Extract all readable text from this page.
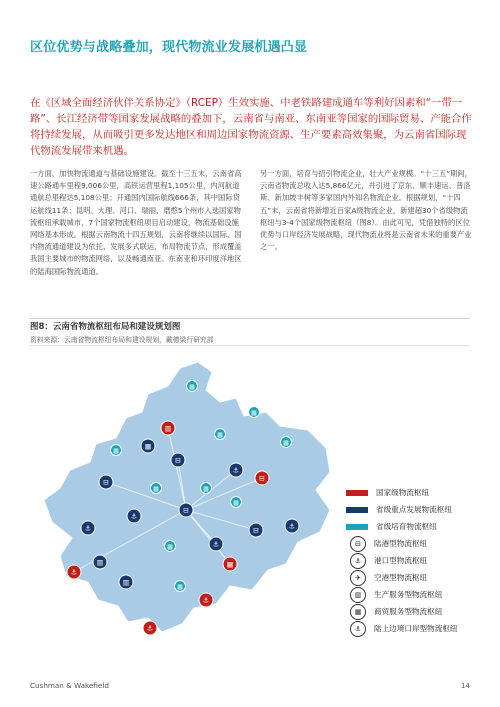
区位优势与战略叠加，现代物流业发展机遇凸显
在《区域全面经济伙伴关系协定》（RCEP）生效实施、中老铁路建成通车等利好因素和“一带一路”、长江经济带等国家发展战略的叠加下，云南省与南亚、东南亚等国家的国际贸易、产能合作将持续发展，从而吸引更多发达地区和周边国家物流资源、生产要素高效集聚，为云南省国际现代物流发展带来机遇。
一方面，加快物流通道与基础设施建设。截至十三五末，云南省高速公路通车里程9,006公里，高铁运营里程1,105公里，内河航道通航总里程达5,108公里；开通国内国际航线666条，其中国际货运航线11条；昆明、大理、河口、瑞丽、磨憨5个州市入选国家物流枢纽承载城市，7个国家物流枢纽项目启动建设，物流基础设施网络基本形成。根据云南物流十四五规划，云南将继续以国际、国内物流通道建设为依托，发展多式联运，布局物流节点，形成覆盖我国主要城市的物流网络，以及畅通南亚、东南亚和环印度洋地区的陆海国际物流通道。
另一方面，培育与招引物流企业，壮大产业规模。“十三五”期间，云南省物流总收入达5,866亿元，并引进了京东、顺丰速运、普洛斯、新加坡丰树等多家国内外知名物流企业。根据规划，“十四五”末，云南省将新增近百家A级物流企业，新建超30个省级物流枢纽与3-4个国家级物流枢纽（图8）。由此可见，凭借独特的区位优势与口岸经济发展战略，现代物流业将是云南省未来的重要产业之一。
图8：云南省物流枢纽布局和建设规划图
资料来源：云南省物流枢纽布局和建设规划，戴德梁行研究部
▦
⊟
⚓
⚓
⚓
▥
⊟
⚓
⊟
⚓
▥
⚓
⊟
▦
⚓
⊟
▥
⚓
▦
▦
▦
▦
▦	▦
▦
▦
▦
▦
国家级物流枢纽
省级重点发展物流枢纽
省级培育物流枢纽
⊟	陆港型物流枢纽
⚓	港口型物流枢纽
✈	空港型物流枢纽
▥	生产服务型物流枢纽
▦	商贸服务型物流枢纽
⚓	陆上边境口岸型物流枢纽
Cushman & Wakefield	14
